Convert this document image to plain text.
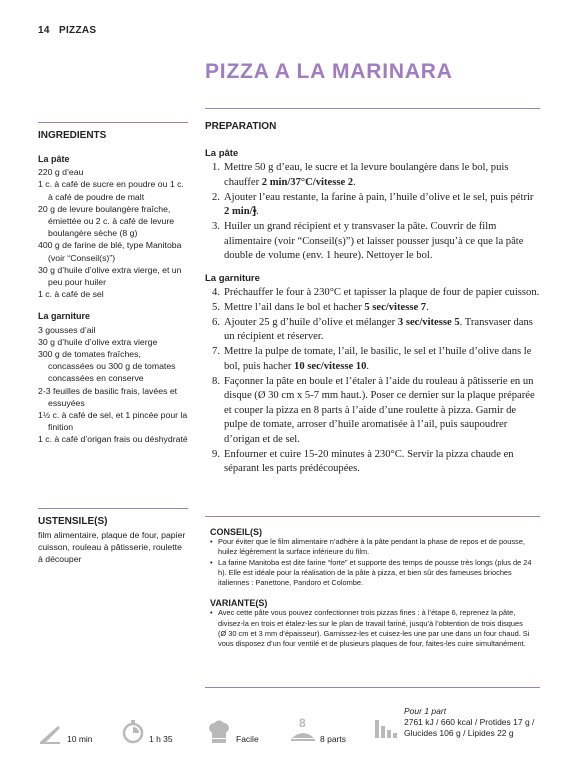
14 PIZZAS
PIZZA A LA MARINARA
INGREDIENTS
La pâte
220 g d’eau
1 c. à café de sucre en poudre ou 1 c. à café de poudre de malt
20 g de levure boulangère fraîche, émiettée ou 2 c. à café de levure boulangère sèche (8 g)
400 g de farine de blé, type Manitoba (voir “Conseil(s)”)
30 g d’huile d’olive extra vierge, et un peu pour huiler
1 c. à café de sel
La garniture
3 gousses d’ail
30 g d’huile d’olive extra vierge
300 g de tomates fraîches, concassées ou 300 g de tomates concassées en conserve
2-3 feuilles de basilic frais, lavées et essuyées
1½ c. à café de sel, et 1 pincée pour la finition
1 c. à café d’origan frais ou déshydraté
USTENSILE(S)
film alimentaire, plaque de four, papier cuisson, rouleau à pâtisserie, roulette à découper
PREPARATION
La pâte
1. Mettre 50 g d’eau, le sucre et la levure boulangère dans le bol, puis chauffer 2 min/37°C/vitesse 2.
2. Ajouter l’eau restante, la farine à pain, l’huile d’olive et le sel, puis pétrir 2 min/⹘.
3. Huiler un grand récipient et y transvaser la pâte. Couvrir de film alimentaire (voir “Conseil(s)”) et laisser pousser jusqu’à ce que la pâte double de volume (env. 1 heure). Nettoyer le bol.
La garniture
4. Préchauffer le four à 230°C et tapisser la plaque de four de papier cuisson.
5. Mettre l’ail dans le bol et hacher 5 sec/vitesse 7.
6. Ajouter 25 g d’huile d’olive et mélanger 3 sec/vitesse 5. Transvaser dans un récipient et réserver.
7. Mettre la pulpe de tomate, l’ail, le basilic, le sel et l’huile d’olive dans le bol, puis hacher 10 sec/vitesse 10.
8. Façonner la pâte en boule et l’étaler à l’aide du rouleau à pâtisserie en un disque (Ø 30 cm x 5-7 mm haut.). Poser ce dernier sur la plaque préparée et couper la pizza en 8 parts à l’aide d’une roulette à pizza. Garnir de pulpe de tomate, arroser d’huile aromatisée à l’ail, puis saupoudrer d’origan et de sel.
9. Enfourner et cuire 15-20 minutes à 230°C. Servir la pizza chaude en séparant les parts prédécoupées.
CONSEIL(S)
• Pour éviter que le film alimentaire n’adhère à la pâte pendant la phase de repos et de pousse, huilez légèrement la surface inférieure du film.
• La farine Manitoba est dite farine “forte” et supporte des temps de pousse très longs (plus de 24 h). Elle est idéale pour la réalisation de la pâte à pizza, et bien sûr des fameuses brioches italiennes : Panettone, Pandoro et Colombe.
VARIANTE(S)
• Avec cette pâte vous pouvez confectionner trois pizzas fines : à l’étape 6, reprenez la pâte, divisez-la en trois et étalez-les sur le plan de travail fariné, jusqu’à l’obtention de trois disques (Ø 30 cm et 3 mm d’épaisseur). Garnissez-les et cuisez-les une par une dans un four chaud. Si vous disposez d’un four ventilé et de plusieurs plaques de four, faites-les cuire simultanément.
10 min	1 h 35	Facile
8
8 parts
Pour 1 part
2761 kJ / 660 kcal / Protides 17 g /
Glucides 106 g / Lipides 22 g
